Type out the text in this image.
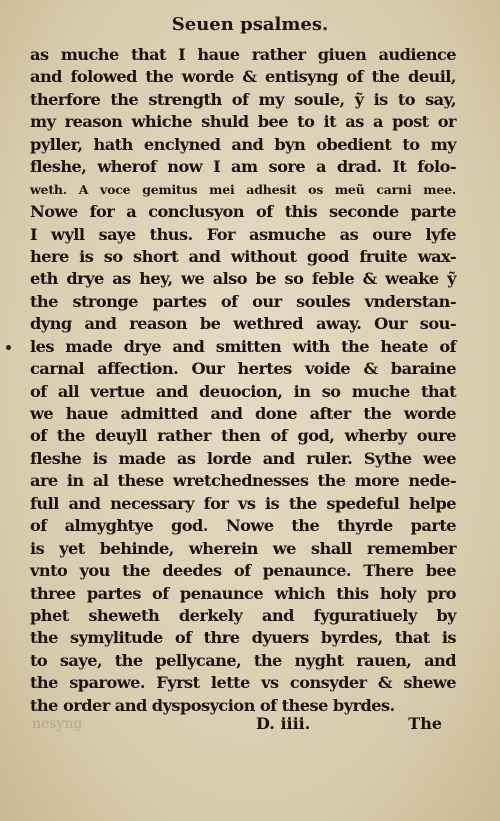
Seuen psalmes.
as muche that I haue rather giuen audience
and folowed the worde & entisyng of the deuil,
therfore the strength of my soule, ỹ is to say,
my reason whiche shuld bee to it as a post or
pyller, hath enclyned and byn obedient to my
fleshe, wherof now I am sore a drad. It folo-
weth. A voce gemitus mei adhesit os meũ carni mee.
Nowe for a conclusyon of this seconde parte
I wyll saye thus. For asmuche as oure lyfe
here is so short and without good fruite wax-
eth drye as hey, we also be so feble & weake ỹ
the stronge partes of our soules vnderstan-
dyng and reason be wethred away. Our sou-
les made drye and smitten with the heate of
carnal affection. Our hertes voide & baraine
of all vertue and deuocion, in so muche that
we haue admitted and done after the worde
of the deuyll rather then of god, wherby oure
fleshe is made as lorde and ruler. Sythe wee
are in al these wretchednesses the more nede-
full and necessary for vs is the spedeful helpe
of almyghtye god. Nowe the thyrde parte
is yet behinde, wherein we shall remember
vnto you the deedes of penaunce. There bee
three partes of penaunce which this holy pro
phet sheweth derkely and fyguratiuely by
the symylitude of thre dyuers byrdes, that is
to saye, the pellycane, the nyght rauen, and
the sparowe. Fyrst lette vs consyder & shewe
the order and dysposycion of these byrdes.
nesyng	D. iiii.	The
